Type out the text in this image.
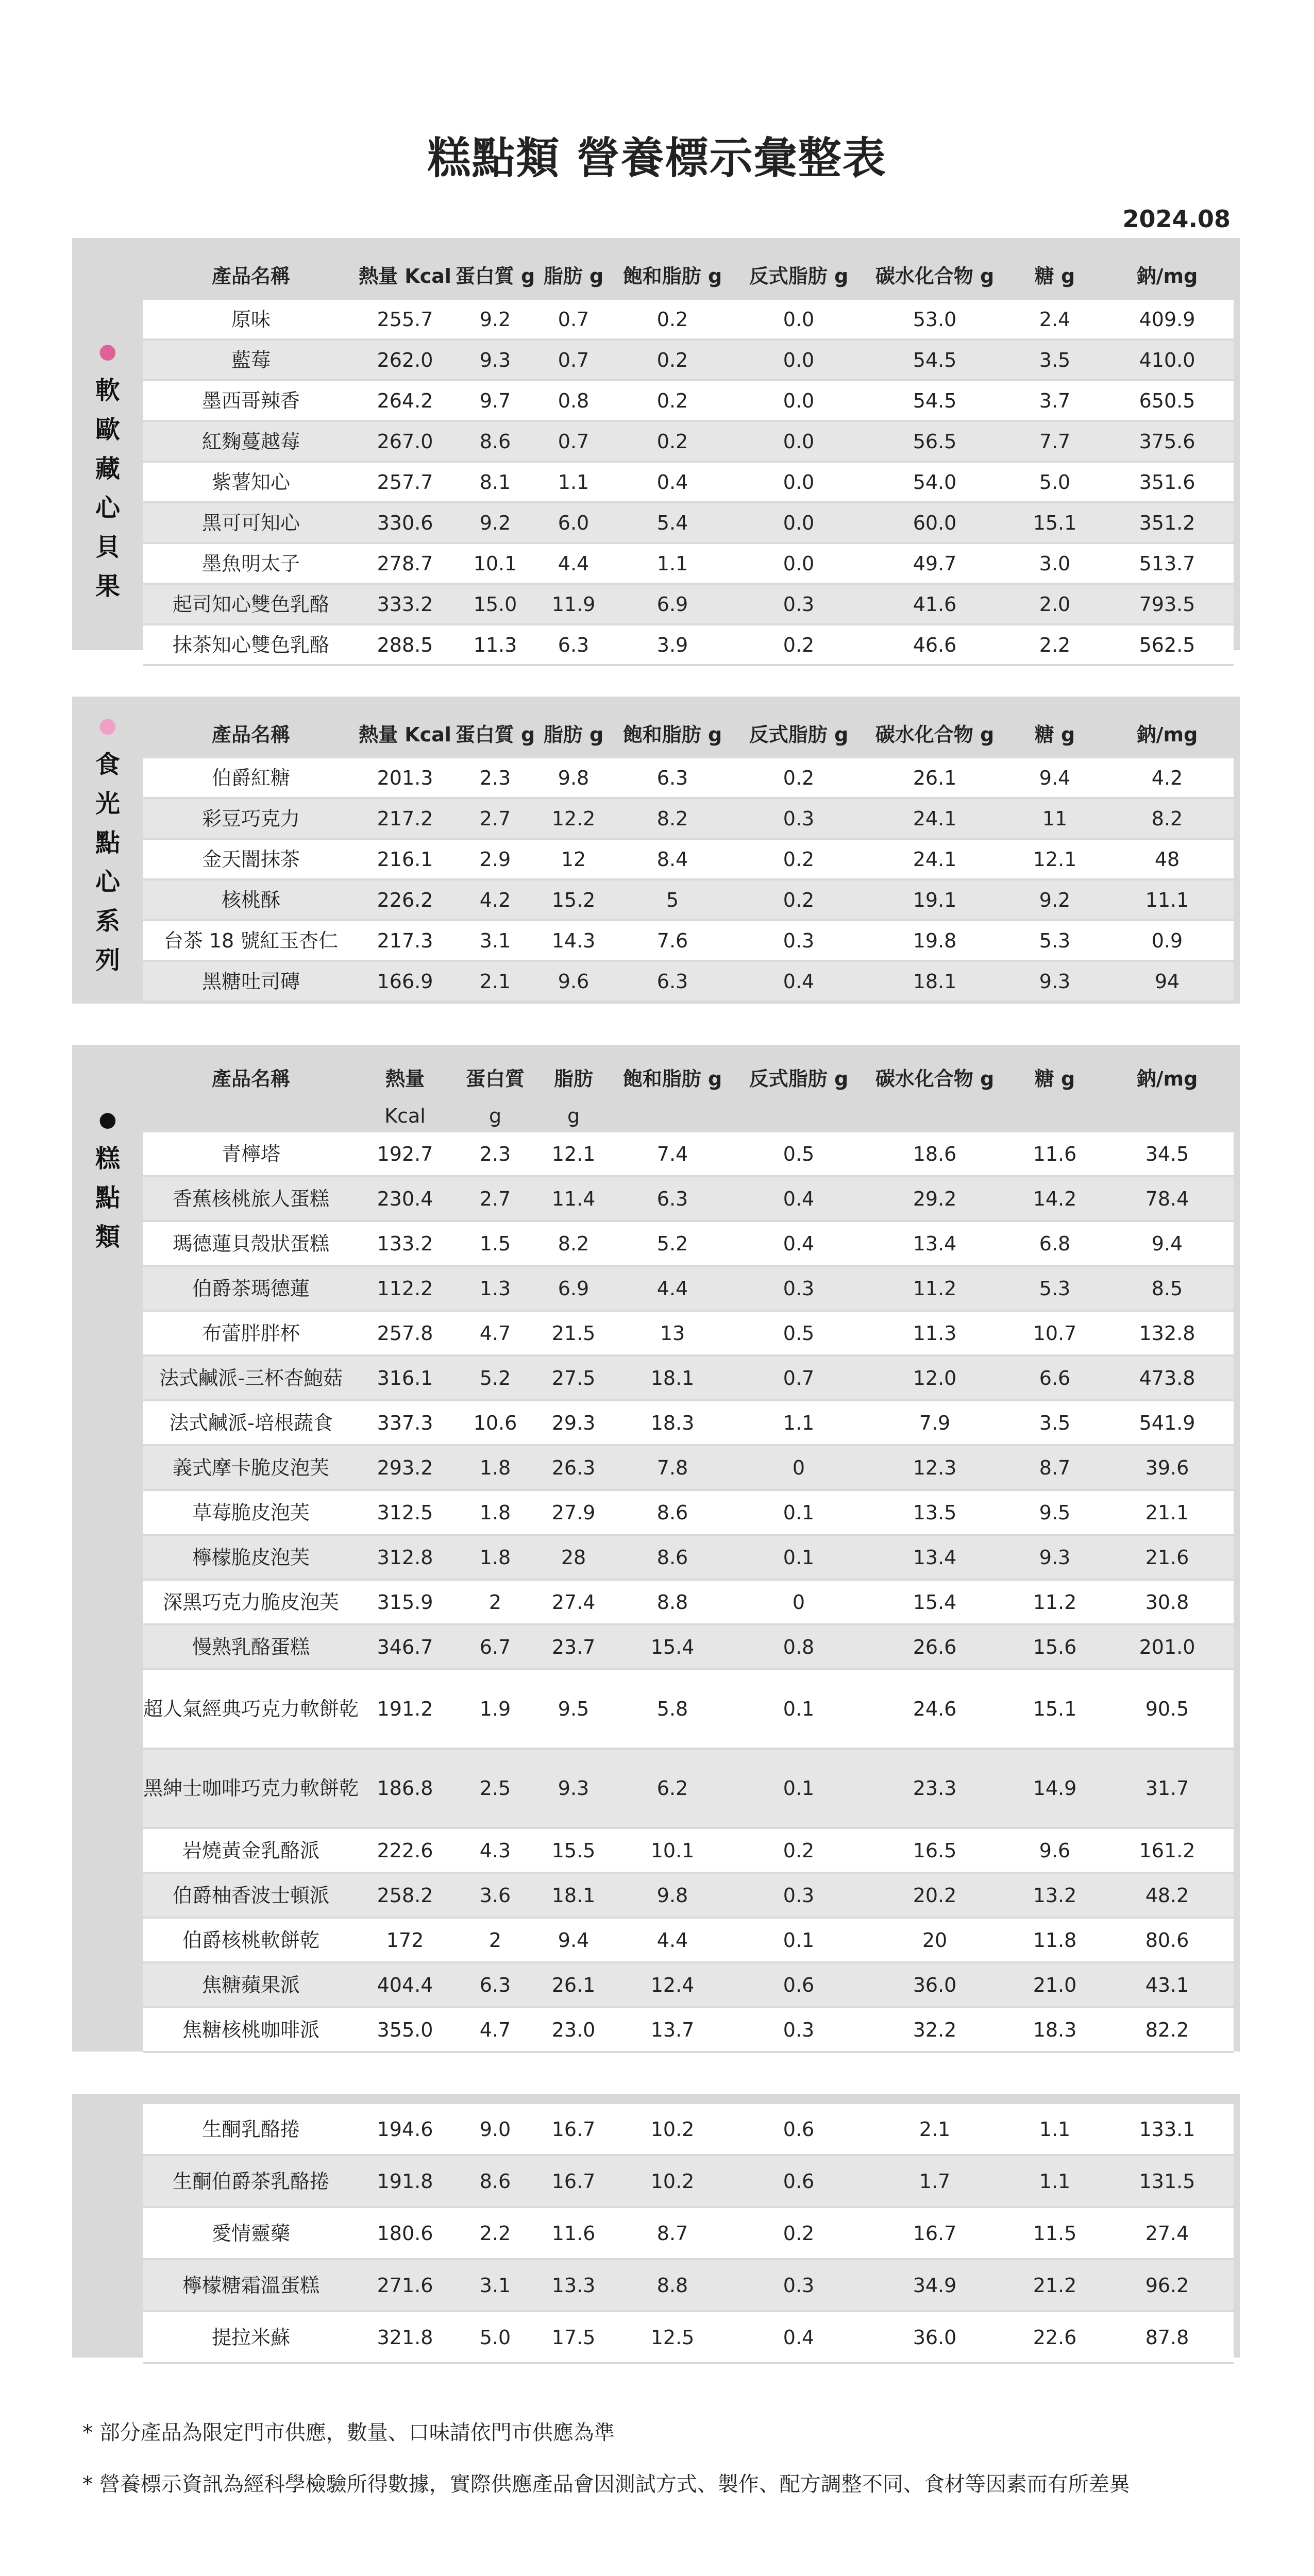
糕點類 營養標示彙整表
2024.08
●
軟
歐
藏
心
貝
果
產品名稱	熱量 Kcal	蛋白質 g	脂肪 g	飽和脂肪 g	反式脂肪 g	碳水化合物 g	糖 g	鈉/mg
原味	255.7	9.2	0.7	0.2	0.0	53.0	2.4	409.9
藍莓	262.0	9.3	0.7	0.2	0.0	54.5	3.5	410.0
墨西哥辣香	264.2	9.7	0.8	0.2	0.0	54.5	3.7	650.5
紅麴蔓越莓	267.0	8.6	0.7	0.2	0.0	56.5	7.7	375.6
紫薯知心	257.7	8.1	1.1	0.4	0.0	54.0	5.0	351.6
黑可可知心	330.6	9.2	6.0	5.4	0.0	60.0	15.1	351.2
墨魚明太子	278.7	10.1	4.4	1.1	0.0	49.7	3.0	513.7
起司知心雙色乳酪	333.2	15.0	11.9	6.9	0.3	41.6	2.0	793.5
抹茶知心雙色乳酪	288.5	11.3	6.3	3.9	0.2	46.6	2.2	562.5
●
食
光
點
心
系
列
產品名稱	熱量 Kcal	蛋白質 g	脂肪 g	飽和脂肪 g	反式脂肪 g	碳水化合物 g	糖 g	鈉/mg
伯爵紅糖	201.3	2.3	9.8	6.3	0.2	26.1	9.4	4.2
彩豆巧克力	217.2	2.7	12.2	8.2	0.3	24.1	11	8.2
金天闇抹茶	216.1	2.9	12	8.4	0.2	24.1	12.1	48
核桃酥	226.2	4.2	15.2	5	0.2	19.1	9.2	11.1
台茶 18 號紅玉杏仁	217.3	3.1	14.3	7.6	0.3	19.8	5.3	0.9
黑糖吐司磚	166.9	2.1	9.6	6.3	0.4	18.1	9.3	94
●
糕
點
類
產品名稱	熱量	蛋白質	脂肪	飽和脂肪 g	反式脂肪 g	碳水化合物 g	糖 g	鈉/mg
	Kcal	g	g					
青檸塔	192.7	2.3	12.1	7.4	0.5	18.6	11.6	34.5
香蕉核桃旅人蛋糕	230.4	2.7	11.4	6.3	0.4	29.2	14.2	78.4
瑪德蓮貝殼狀蛋糕	133.2	1.5	8.2	5.2	0.4	13.4	6.8	9.4
伯爵茶瑪德蓮	112.2	1.3	6.9	4.4	0.3	11.2	5.3	8.5
布蕾胖胖杯	257.8	4.7	21.5	13	0.5	11.3	10.7	132.8
法式鹹派-三杯杏鮑菇	316.1	5.2	27.5	18.1	0.7	12.0	6.6	473.8
法式鹹派-培根蔬食	337.3	10.6	29.3	18.3	1.1	7.9	3.5	541.9
義式摩卡脆皮泡芙	293.2	1.8	26.3	7.8	0	12.3	8.7	39.6
草莓脆皮泡芙	312.5	1.8	27.9	8.6	0.1	13.5	9.5	21.1
檸檬脆皮泡芙	312.8	1.8	28	8.6	0.1	13.4	9.3	21.6
深黑巧克力脆皮泡芙	315.9	2	27.4	8.8	0	15.4	11.2	30.8
慢熟乳酪蛋糕	346.7	6.7	23.7	15.4	0.8	26.6	15.6	201.0
超人氣經典巧克力軟餅乾	191.2	1.9	9.5	5.8	0.1	24.6	15.1	90.5
黑紳士咖啡巧克力軟餅乾	186.8	2.5	9.3	6.2	0.1	23.3	14.9	31.7
岩燒黃金乳酪派	222.6	4.3	15.5	10.1	0.2	16.5	9.6	161.2
伯爵柚香波士頓派	258.2	3.6	18.1	9.8	0.3	20.2	13.2	48.2
伯爵核桃軟餅乾	172	2	9.4	4.4	0.1	20	11.8	80.6
焦糖蘋果派	404.4	6.3	26.1	12.4	0.6	36.0	21.0	43.1
焦糖核桃咖啡派	355.0	4.7	23.0	13.7	0.3	32.2	18.3	82.2
生酮乳酪捲	194.6	9.0	16.7	10.2	0.6	2.1	1.1	133.1
生酮伯爵茶乳酪捲	191.8	8.6	16.7	10.2	0.6	1.7	1.1	131.5
愛情靈藥	180.6	2.2	11.6	8.7	0.2	16.7	11.5	27.4
檸檬糖霜溫蛋糕	271.6	3.1	13.3	8.8	0.3	34.9	21.2	96.2
提拉米蘇	321.8	5.0	17.5	12.5	0.4	36.0	22.6	87.8

* 部分產品為限定門市供應，數量、口味請依門市供應為準

* 營養標示資訊為經科學檢驗所得數據，實際供應產品會因測試方式、製作、配方調整不同、食材等因素而有所差異
